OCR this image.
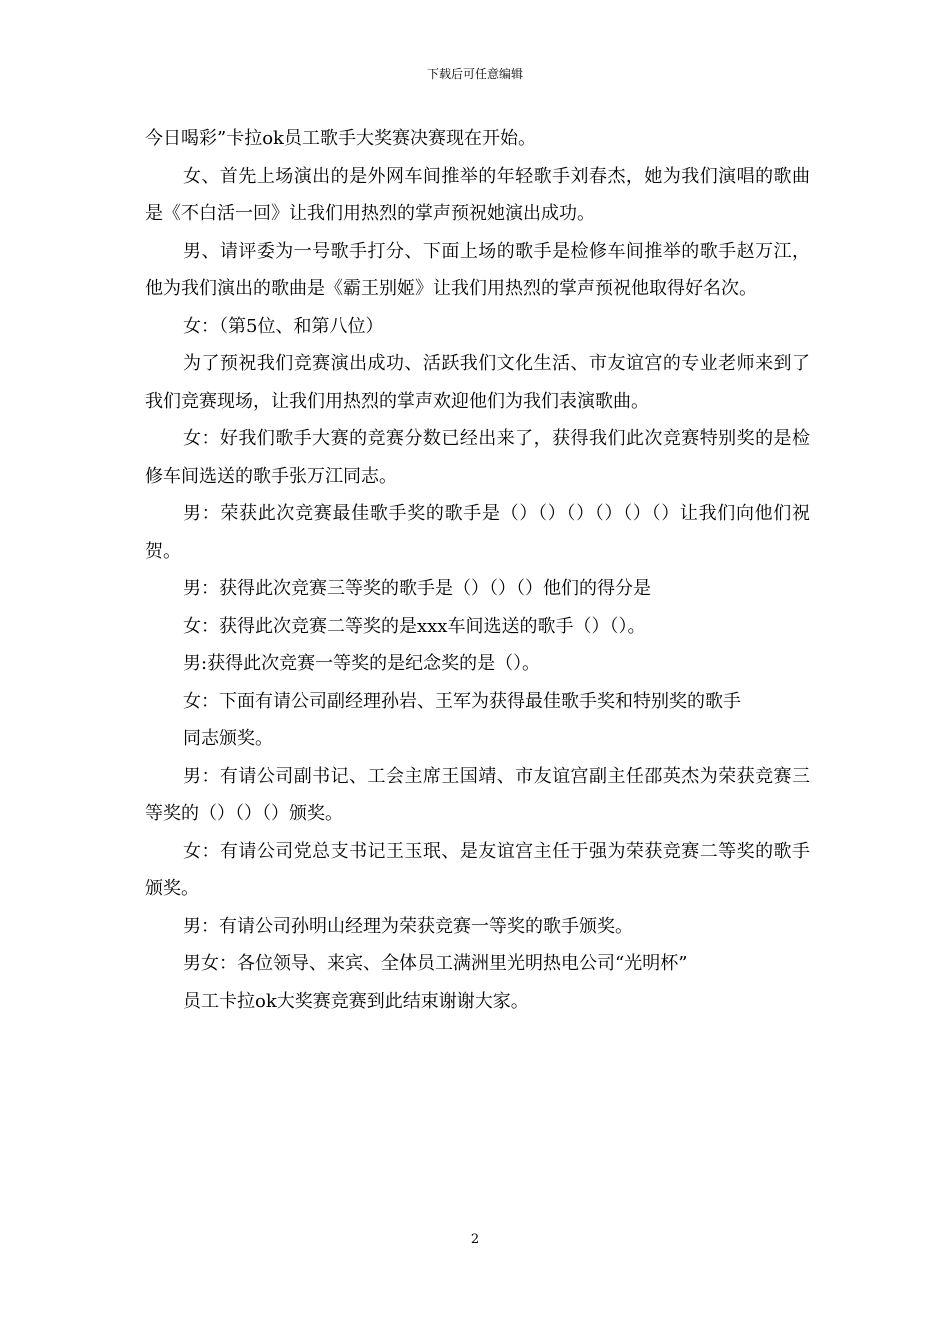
下载后可任意编辑

今日喝彩”卡拉ok员工歌手大奖赛决赛现在开始。

女、首先上场演出的是外网车间推举的年轻歌手刘春杰，她为我们演唱的歌曲是《不白活一回》让我们用热烈的掌声预祝她演出成功。

男、请评委为一号歌手打分、下面上场的歌手是检修车间推举的歌手赵万江，他为我们演出的歌曲是《霸王别姬》让我们用热烈的掌声预祝他取得好名次。

女：（第5位、和第八位）

为了预祝我们竞赛演出成功、活跃我们文化生活、市友谊宫的专业老师来到了我们竞赛现场，让我们用热烈的掌声欢迎他们为我们表演歌曲。

女：好我们歌手大赛的竞赛分数已经出来了，获得我们此次竞赛特别奖的是检修车间选送的歌手张万江同志。

男：荣获此次竞赛最佳歌手奖的歌手是（）（）（）（）（）（）让我们向他们祝贺。

男：获得此次竞赛三等奖的歌手是（）（）（）他们的得分是

女：获得此次竞赛二等奖的是xxx车间选送的歌手（）（）。

男:获得此次竞赛一等奖的是纪念奖的是（）。

女：下面有请公司副经理孙岩、王军为获得最佳歌手奖和特别奖的歌手

同志颁奖。

男：有请公司副书记、工会主席王国靖、市友谊宫副主任邵英杰为荣获竞赛三等奖的（）（）（）颁奖。

女：有请公司党总支书记王玉珉、是友谊宫主任于强为荣获竞赛二等奖的歌手颁奖。

男：有请公司孙明山经理为荣获竞赛一等奖的歌手颁奖。

男女：各位领导、来宾、全体员工满洲里光明热电公司“光明杯”

员工卡拉ok大奖赛竞赛到此结束谢谢大家。

2
